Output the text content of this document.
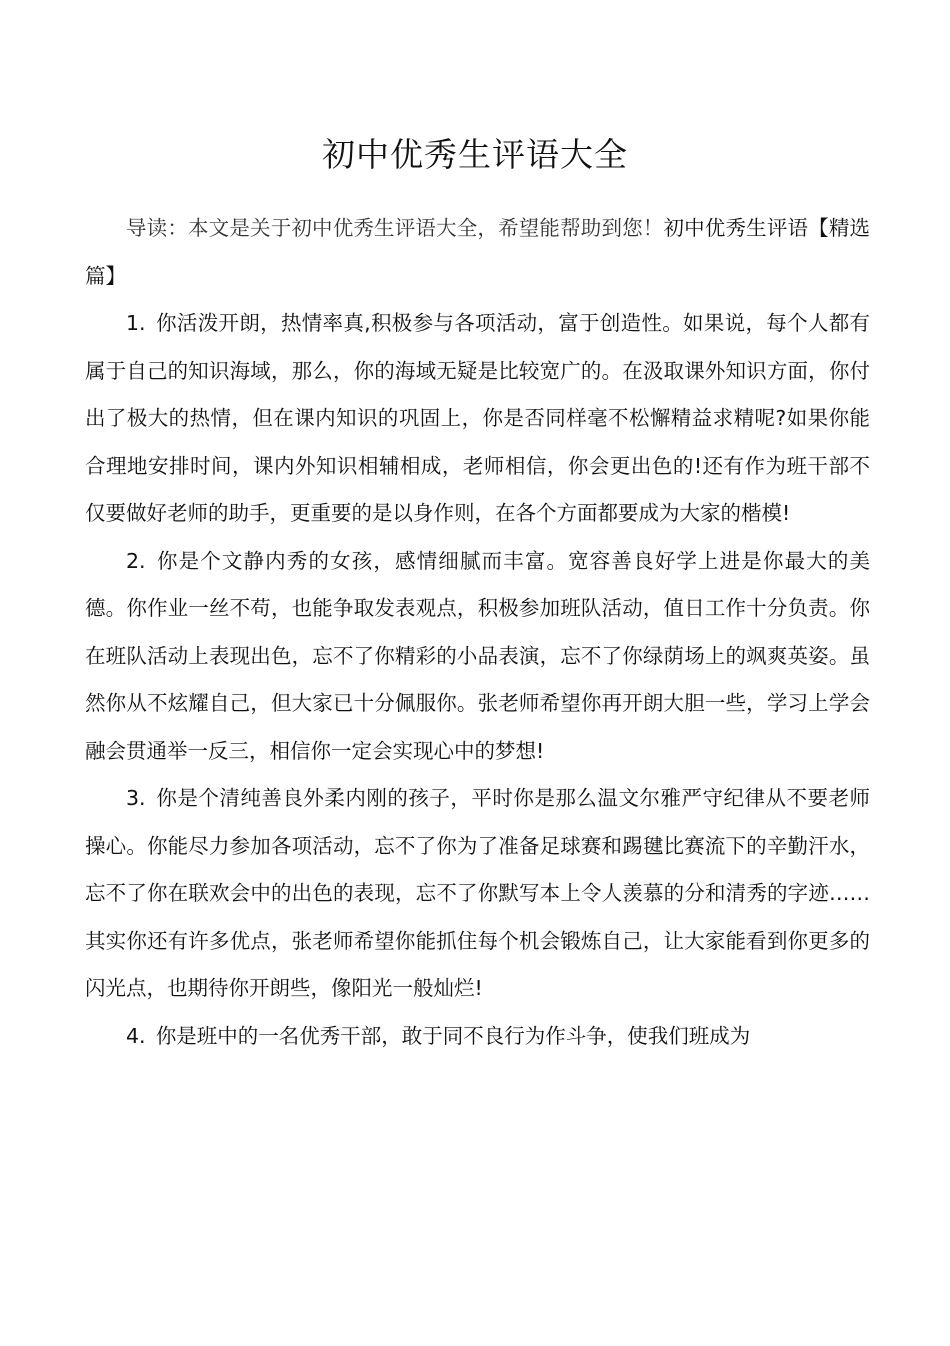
初中优秀生评语大全

导读：本文是关于初中优秀生评语大全，希望能帮助到您！初中优秀生评语【精选篇】

1. 你活泼开朗，热情率真,积极参与各项活动，富于创造性。如果说，每个人都有属于自己的知识海域，那么，你的海域无疑是比较宽广的。在汲取课外知识方面，你付出了极大的热情，但在课内知识的巩固上，你是否同样毫不松懈精益求精呢?如果你能合理地安排时间，课内外知识相辅相成，老师相信，你会更出色的!还有作为班干部不仅要做好老师的助手，更重要的是以身作则，在各个方面都要成为大家的楷模!

2. 你是个文静内秀的女孩，感情细腻而丰富。宽容善良好学上进是你最大的美德。你作业一丝不苟，也能争取发表观点，积极参加班队活动，值日工作十分负责。你在班队活动上表现出色，忘不了你精彩的小品表演，忘不了你绿荫场上的飒爽英姿。虽然你从不炫耀自己，但大家已十分佩服你。张老师希望你再开朗大胆一些，学习上学会融会贯通举一反三，相信你一定会实现心中的梦想!

3. 你是个清纯善良外柔内刚的孩子，平时你是那么温文尔雅严守纪律从不要老师操心。你能尽力参加各项活动，忘不了你为了准备足球赛和踢毽比赛流下的辛勤汗水，忘不了你在联欢会中的出色的表现，忘不了你默写本上令人羡慕的分和清秀的字迹……其实你还有许多优点，张老师希望你能抓住每个机会锻炼自己，让大家能看到你更多的闪光点，也期待你开朗些，像阳光一般灿烂!

4. 你是班中的一名优秀干部，敢于同不良行为作斗争，使我们班成为
